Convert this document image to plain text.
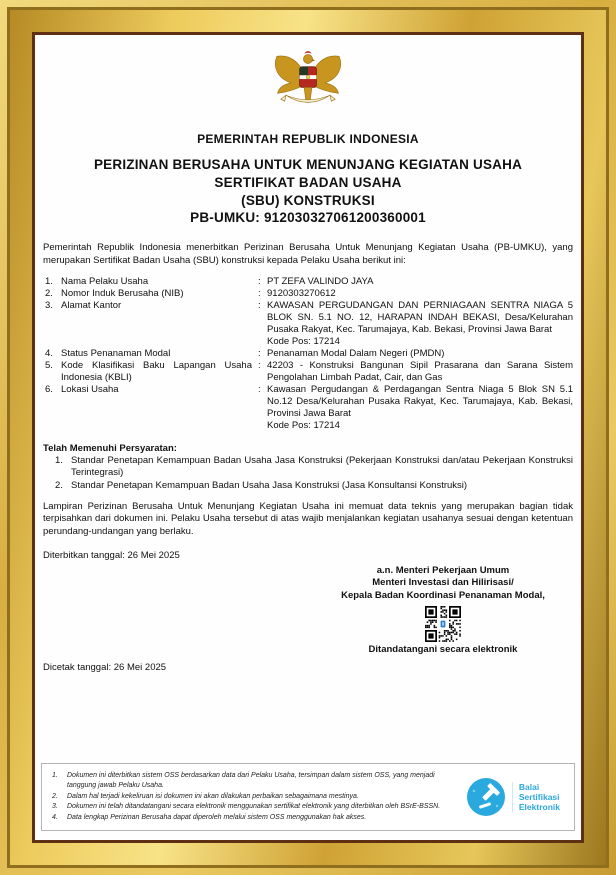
PEMERINTAH REPUBLIK INDONESIA
PERIZINAN BERUSAHA UNTUK MENUNJANG KEGIATAN USAHA
SERTIFIKAT BADAN USAHA
(SBU) KONSTRUKSI
PB-UMKU: 912030327061200360001
Pemerintah Republik Indonesia menerbitkan Perizinan Berusaha Untuk Menunjang Kegiatan Usaha (PB-UMKU), yang merupakan Sertifikat Badan Usaha (SBU) konstruksi kepada Pelaku Usaha berikut ini:
1. Nama Pelaku Usaha	: PT ZEFA VALINDO JAYA
2. Nomor Induk Berusaha (NIB)	: 9120303270612
3. Alamat Kantor	: KAWASAN PERGUDANGAN DAN PERNIAGAAN SENTRA NIAGA 5 BLOK SN. 5.1 NO. 12, HARAPAN INDAH BEKASI, Desa/Kelurahan Pusaka Rakyat, Kec. Tarumajaya, Kab. Bekasi, Provinsi Jawa Barat
Kode Pos: 17214
4. Status Penanaman Modal	: Penanaman Modal Dalam Negeri (PMDN)
5. Kode Klasifikasi Baku Lapangan Usaha Indonesia (KBLI)
: 42203 - Konstruksi Bangunan Sipil Prasarana dan Sarana Sistem Pengolahan Limbah Padat, Cair, dan Gas
6. Lokasi Usaha	: Kawasan Pergudangan & Perdagangan Sentra Niaga 5 Blok SN 5.1 No.12 Desa/Kelurahan Pusaka Rakyat, Kec. Tarumajaya, Kab. Bekasi, Provinsi Jawa Barat
Kode Pos: 17214
Telah Memenuhi Persyaratan:
1. Standar Penetapan Kemampuan Badan Usaha Jasa Konstruksi (Pekerjaan Konstruksi dan/atau Pekerjaan Konstruksi Terintegrasi)
2. Standar Penetapan Kemampuan Badan Usaha Jasa Konstruksi (Jasa Konsultansi Konstruksi)
Lampiran Perizinan Berusaha Untuk Menunjang Kegiatan Usaha ini memuat data teknis yang merupakan bagian tidak terpisahkan dari dokumen ini. Pelaku Usaha tersebut di atas wajib menjalankan kegiatan usahanya sesuai dengan ketentuan perundang-undangan yang berlaku.
Diterbitkan tanggal: 26 Mei 2025
a.n. Menteri Pekerjaan Umum
Menteri Investasi dan Hilirisasi/
Kepala Badan Koordinasi Penanaman Modal,
Ditandatangani secara elektronik
Dicetak tanggal: 26 Mei 2025
1.	Dokumen ini diterbitkan sistem OSS berdasarkan data dari Pelaku Usaha, tersimpan dalam sistem OSS, yang menjadi tanggung jawab Pelaku Usaha.
2.	Dalam hal terjadi kekeliruan isi dokumen ini akan dilakukan perbaikan sebagaimana mestinya.
3.	Dokumen ini telah ditandatangani secara elektronik menggunakan sertifikat elektronik yang diterbitkan oleh BSrE-BSSN.
4.	Data lengkap Perizinan Berusaha dapat diperoleh melalui sistem OSS menggunakan hak akses.
Balai
Sertifikasi
Elektronik
